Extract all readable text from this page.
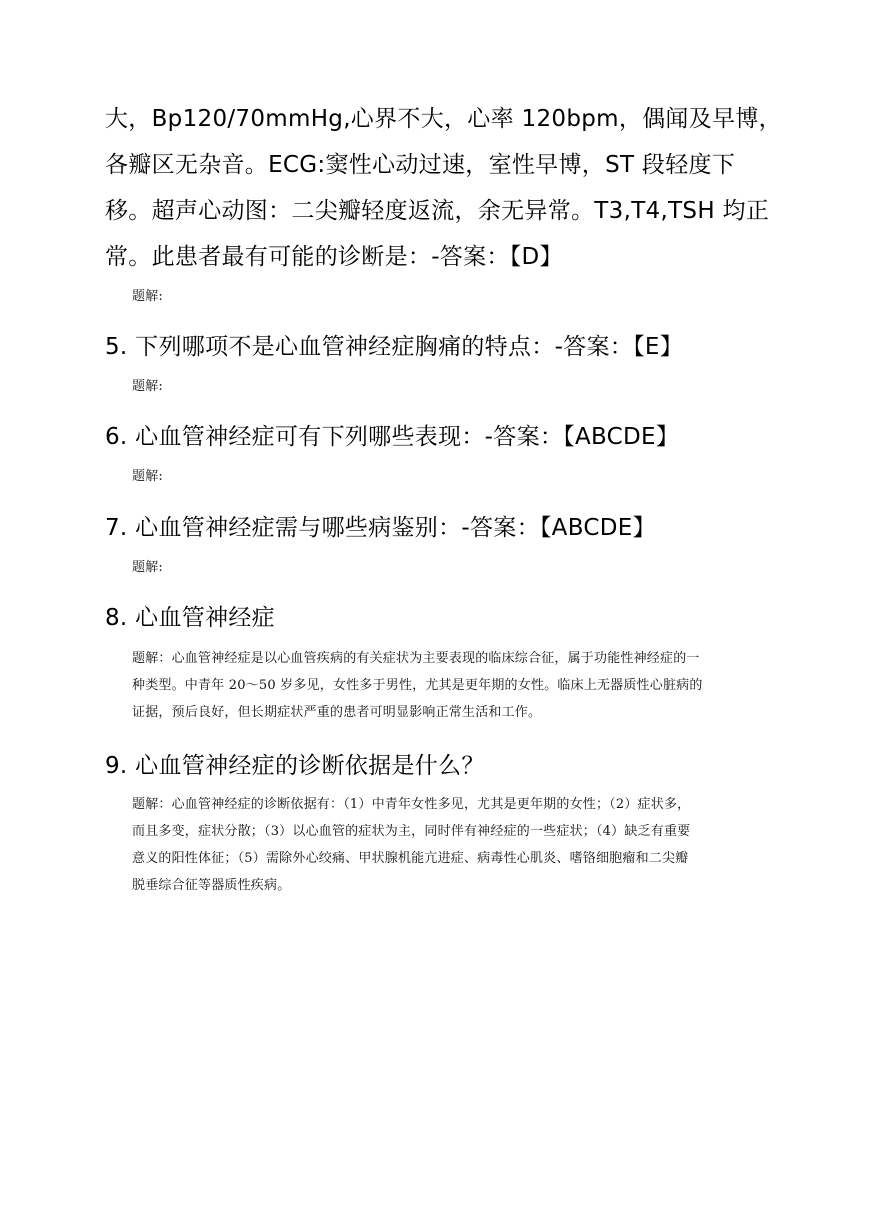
大，Bp120/70mmHg,心界不大，心率 120bpm，偶闻及早博，
各瓣区无杂音。ECG:窦性心动过速，室性早博，ST 段轻度下
移。超声心动图：二尖瓣轻度返流，余无异常。T3,T4,TSH 均正
常。此患者最有可能的诊断是：-答案：【D】
题解:
5. 下列哪项不是心血管神经症胸痛的特点：-答案：【E】
题解:
6. 心血管神经症可有下列哪些表现：-答案：【ABCDE】
题解:
7. 心血管神经症需与哪些病鉴别：-答案：【ABCDE】
题解:
8. 心血管神经症
题解：心血管神经症是以心血管疾病的有关症状为主要表现的临床综合征，属于功能性神经症的一
种类型。中青年 20～50 岁多见，女性多于男性，尤其是更年期的女性。临床上无器质性心脏病的
证据，预后良好，但长期症状严重的患者可明显影响正常生活和工作。
9. 心血管神经症的诊断依据是什么？
题解：心血管神经症的诊断依据有：（1）中青年女性多见，尤其是更年期的女性；（2）症状多，
而且多变，症状分散；（3）以心血管的症状为主，同时伴有神经症的一些症状；（4）缺乏有重要
意义的阳性体征；（5）需除外心绞痛、甲状腺机能亢进症、病毒性心肌炎、嗜铬细胞瘤和二尖瓣
脱垂综合征等器质性疾病。
